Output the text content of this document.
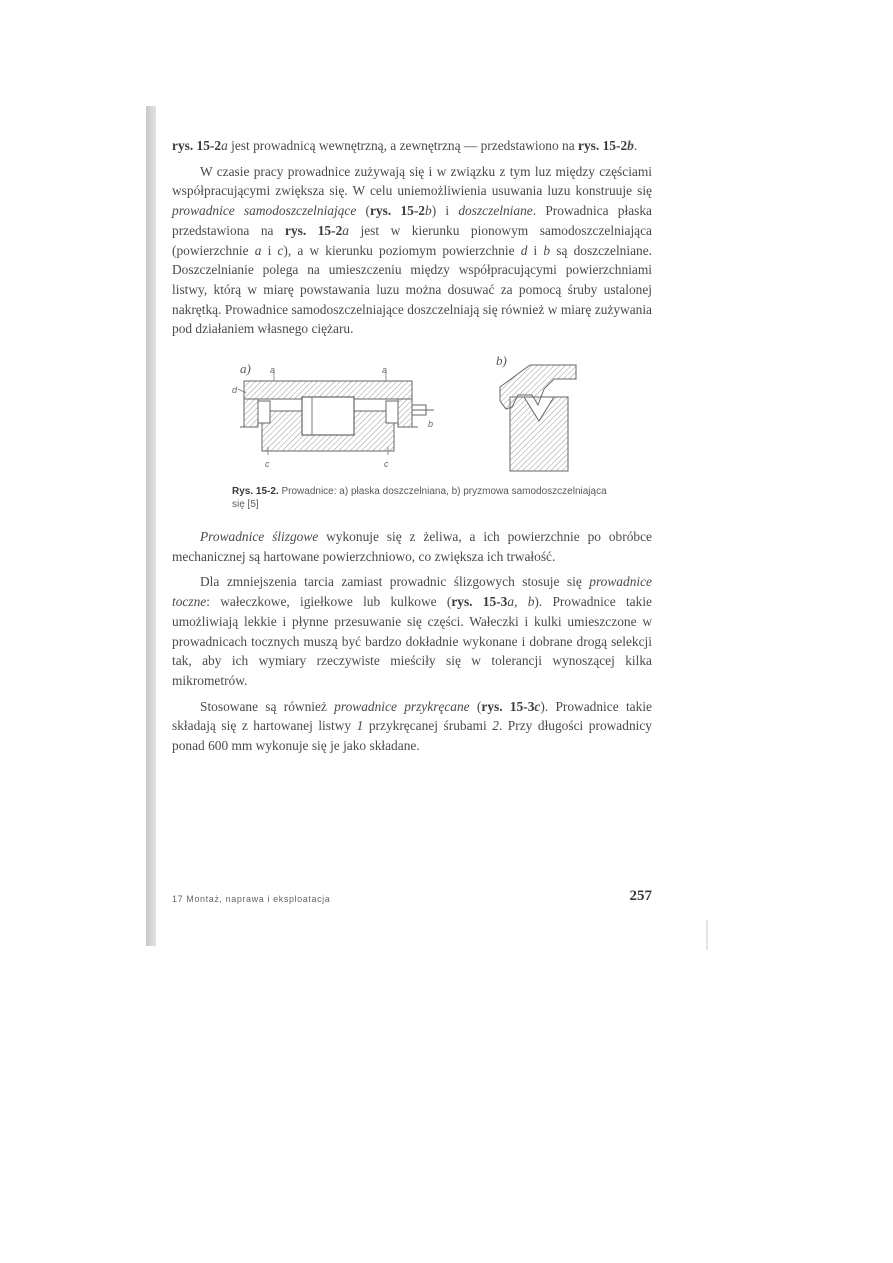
rys. 15-2a jest prowadnicą wewnętrzną, a zewnętrzną — przedstawiono na rys. 15-2b.

W czasie pracy prowadnice zużywają się i w związku z tym luz między częściami współpracującymi zwiększa się. W celu uniemożliwienia usuwania luzu konstruuje się prowadnice samodoszczelniające (rys. 15-2b) i doszczelniane. Prowadnica płaska przedstawiona na rys. 15-2a jest w kierunku pionowym samodoszczelniająca (powierzchnie a i c), a w kierunku poziomym powierzchnie d i b są doszczelniane. Doszczelnianie polega na umieszczeniu między współpracującymi powierzchniami listwy, którą w miarę powstawania luzu można dosuwać za pomocą śruby ustalonej nakrętką. Prowadnice samodoszczelniające doszczelniają się również w miarę zużywania pod działaniem własnego ciężaru.

a)
b)
a	a
d
b
c	c
Rys. 15-2. Prowadnice: a) płaska doszczelniana, b) pryzmowa samodoszczelniająca się [5]

Prowadnice ślizgowe wykonuje się z żeliwa, a ich powierzchnie po obróbce mechanicznej są hartowane powierzchniowo, co zwiększa ich trwałość.

Dla zmniejszenia tarcia zamiast prowadnic ślizgowych stosuje się prowadnice toczne: wałeczkowe, igiełkowe lub kulkowe (rys. 15-3a, b). Prowadnice takie umożliwiają lekkie i płynne przesuwanie się części. Wałeczki i kulki umieszczone w prowadnicach tocznych muszą być bardzo dokładnie wykonane i dobrane drogą selekcji tak, aby ich wymiary rzeczywiste mieściły się w tolerancji wynoszącej kilka mikrometrów.

Stosowane są również prowadnice przykręcane (rys. 15-3c). Prowadnice takie składają się z hartowanej listwy 1 przykręcanej śrubami 2. Przy długości prowadnicy ponad 600 mm wykonuje się je jako składane.

17 Montaż, naprawa i eksploatacja	257
